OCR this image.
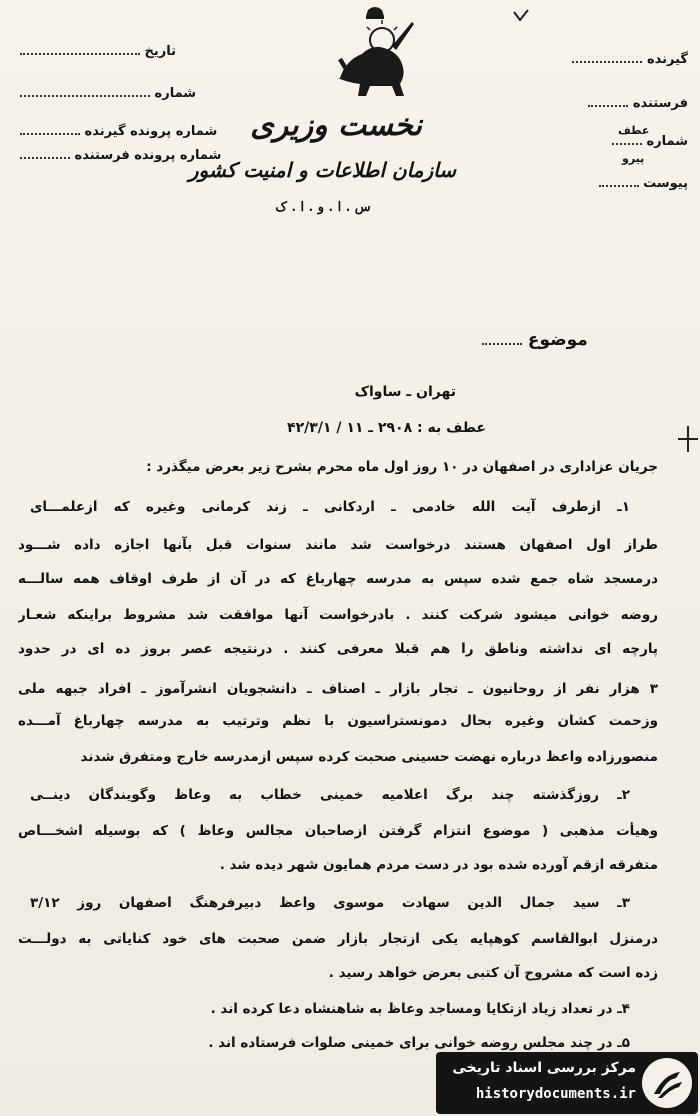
تاریخ
شماره
شماره پرونده گیرنده
شماره پرونده فرستنده
نخست وزیری
سازمان اطلاعات و امنیت کشور
س . ا . و . ا . ک
گیرنده
فرستنده
شماره
عطف
پیرو
پیوست
موضوع
تهران ـ ساواک
عطف به : ۲۹۰۸ ـ ۱۱ / ۴۲/۳/۱
جریان عزاداری در اصفهان در ۱۰ روز اول ماه محرم بشرح زیر بعرض میگذرد :
۱ـ ازطرف آیت الله خادمی ـ اردکانی ـ زند کرمانی وغیره که ازعلمـــای
طراز اول اصفهان هستند درخواست شد مانند سنوات قبل بآنها اجازه داده شـــود
درمسجد شاه جمع شده سپس به مدرسه چهارباغ که در آن از طرف اوقاف همه سالـــه
روضه خوانی میشود شرکت کنند . بادرخواست آنها موافقت شد مشروط براینکه شعـار
پارچه ای نداشته وناطق را هم قبلا معرفی کنند . درنتیجه عصر بروز ده ای در حدود
۳ هزار نفر از روحانیون ـ تجار بازار ـ اصناف ـ دانشجویان انشرآموز ـ افراد جبهه ملی
وزحمت کشان وغیره بحال دمونستراسیون با نظم وترتیب به مدرسه چهارباغ آمـــده
منصورزاده واعظ درباره نهضت حسینی صحبت کرده سپس ازمدرسه خارج ومتفرق شدند
۲ـ روزگذشته چند برگ اعلامیه خمینی خطاب به وعاظ وگویندگان دینــی
وهیأت مذهبی ( موضوع انتزام گرفتن ازصاحبان مجالس وعاظ ) که بوسیله اشخـــاص
متفرقه ازقم آورده شده بود در دست مردم همایون شهر دیده شد .
۳ـ سید جمال الدین سهادت موسوی واعظ دبیرفرهنگ اصفهان روز ۳/۱۲
درمنزل ابوالقاسم کوهپایه یکی ازتجار بازار ضمن صحبت های خود کنایاتی به دولـــت
زده است که مشروح آن کتبی بعرض خواهد رسید .
۴ـ در تعداد زیاد ازتکایا ومساجد وعاظ به شاهنشاه دعا کرده اند .
۵ـ در چند مجلس روضه خوانی برای خمینی صلوات فرستاده اند .
مرکز بررسی اسناد تاریخی
historydocuments.ir
